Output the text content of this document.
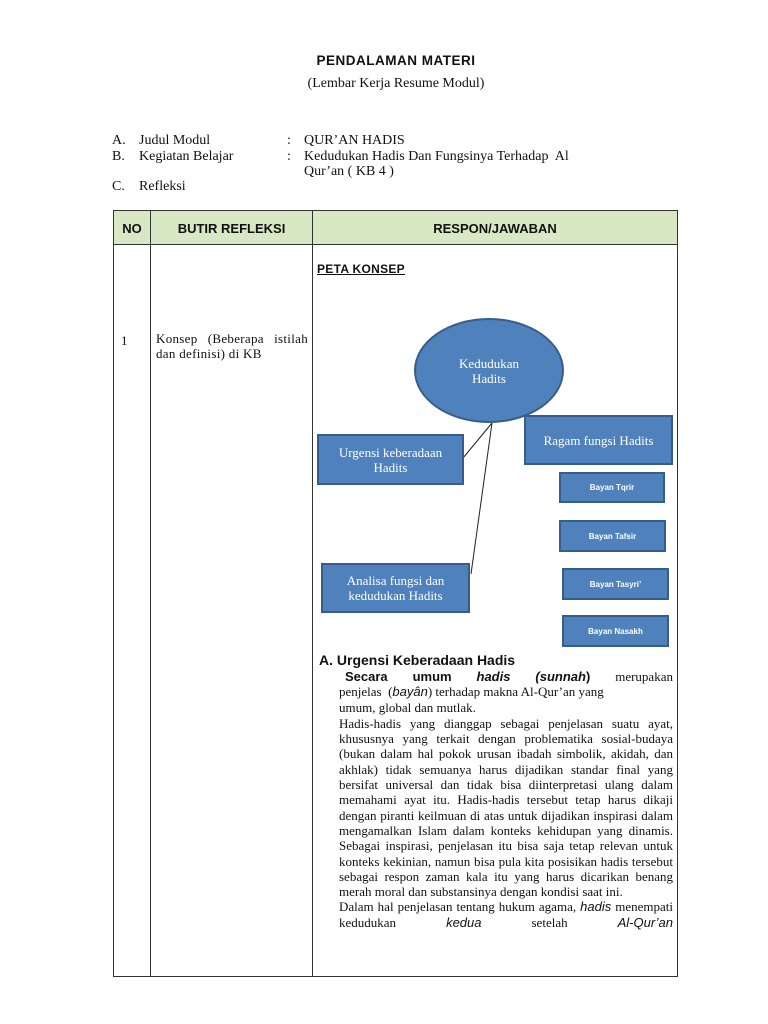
PENDALAMAN MATERI
(Lembar Kerja Resume Modul)
A. Judul Modul	: QUR’AN HADIS
B. Kegiatan Belajar	: Kedudukan Hadis Dan Fungsinya Terhadap  Al
Qur’an ( KB 4 )
C. Refleksi
NO	BUTIR REFLEKSI	RESPON/JAWABAN
1 Konsep (Beberapa istilah dan definisi) di KB
PETA KONSEP
Kedudukan Hadits
Urgensi keberadaan Hadits
Ragam fungsi Hadits
Analisa fungsi dan kedudukan Hadits
Bayan Tqrir
Bayan Tafsir
Bayan Tasyri’
Bayan Nasakh
A. Urgensi Keberadaan Hadis
Secara umum hadis (sunnah) merupakan
penjelas  (bayân) terhadap makna Al-Qur’an yang umum, global dan mutlak.
Hadis-hadis yang dianggap sebagai penjelasan suatu ayat, khususnya yang terkait dengan problematika sosial-budaya (bukan dalam hal pokok urusan ibadah simbolik, akidah, dan akhlak) tidak semuanya harus dijadikan standar final yang bersifat universal dan tidak bisa diinterpretasi ulang dalam memahami ayat itu. Hadis-hadis tersebut tetap harus dikaji dengan piranti keilmuan di atas untuk dijadikan inspirasi dalam mengamalkan Islam dalam konteks kehidupan yang dinamis. Sebagai inspirasi, penjelasan itu bisa saja tetap relevan untuk konteks kekinian, namun bisa pula kita posisikan hadis tersebut sebagai respon zaman kala itu yang harus dicarikan benang merah moral dan substansinya dengan kondisi saat ini.
Dalam hal penjelasan tentang hukum agama, hadis menempati kedudukan	kedua	setelah	Al-Qur’an
